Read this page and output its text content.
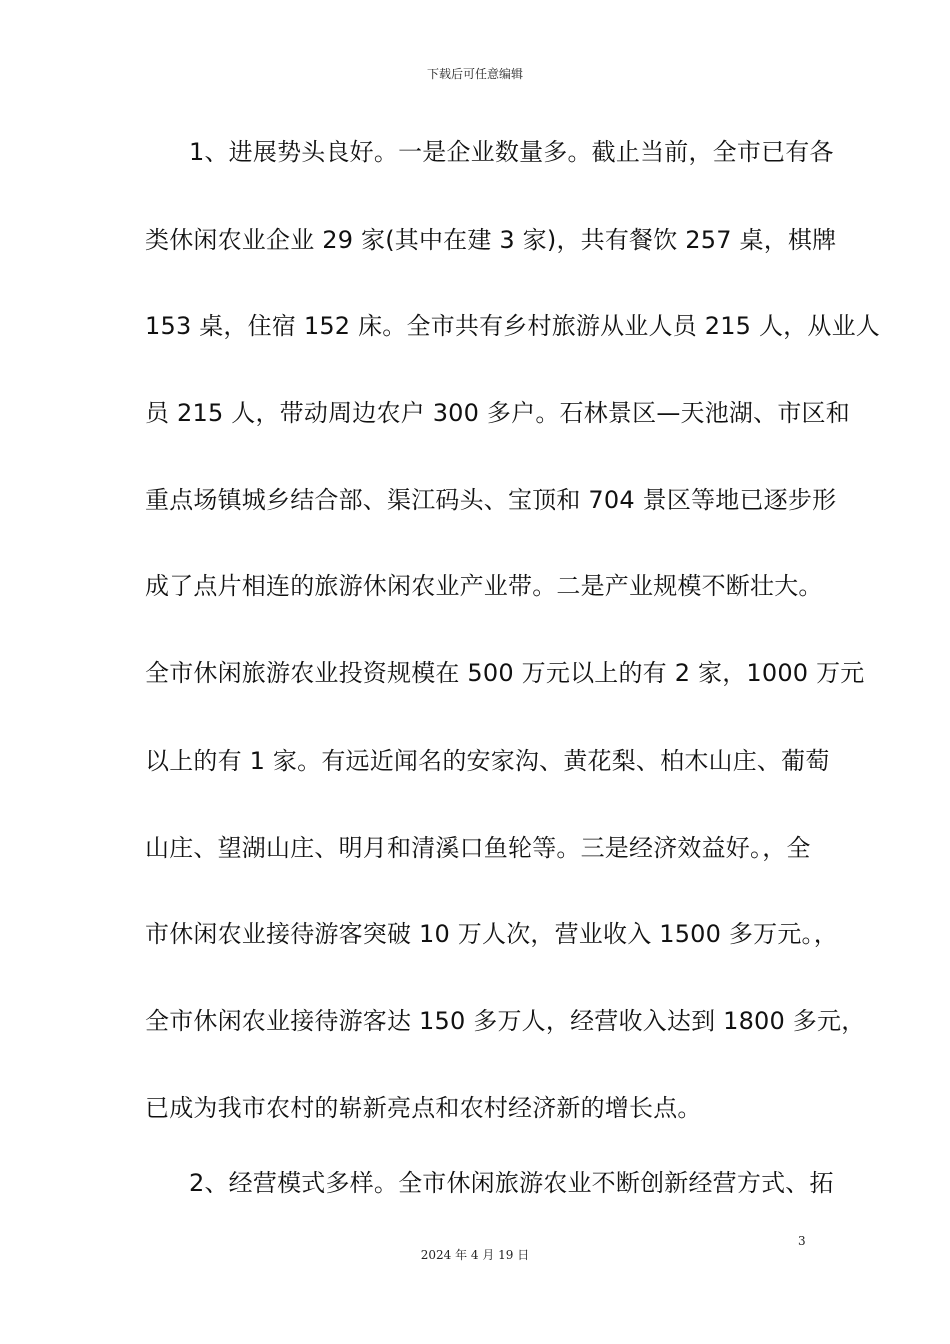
下载后可任意编辑
1、进展势头良好。一是企业数量多。截止当前，全市已有各
类休闲农业企业 29 家(其中在建 3 家)，共有餐饮 257 桌，棋牌
153 桌，住宿 152 床。全市共有乡村旅游从业人员 215 人，从业人
员 215 人，带动周边农户 300 多户。石林景区—天池湖、市区和
重点场镇城乡结合部、渠江码头、宝顶和 704 景区等地已逐步形
成了点片相连的旅游休闲农业产业带。二是产业规模不断壮大。
全市休闲旅游农业投资规模在 500 万元以上的有 2 家，1000 万元
以上的有 1 家。有远近闻名的安家沟、黄花梨、柏木山庄、葡萄
山庄、望湖山庄、明月和清溪口鱼轮等。三是经济效益好。，全
市休闲农业接待游客突破 10 万人次，营业收入 1500 多万元。，
全市休闲农业接待游客达 150 多万人，经营收入达到 1800 多元，
已成为我市农村的崭新亮点和农村经济新的增长点。
2、经营模式多样。全市休闲旅游农业不断创新经营方式、拓
3
2024 年 4 月 19 日
